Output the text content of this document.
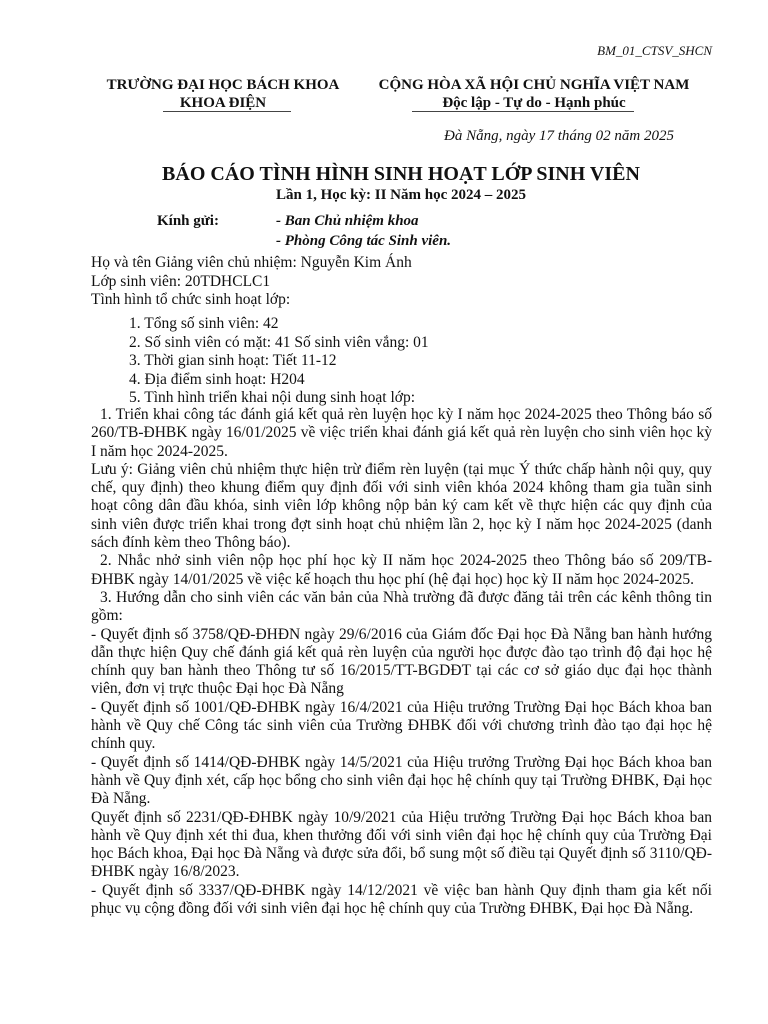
BM_01_CTSV_SHCN
TRƯỜNG ĐẠI HỌC BÁCH KHOA
KHOA ĐIỆN
CỘNG HÒA XÃ HỘI CHỦ NGHĨA VIỆT NAM
Độc lập - Tự do - Hạnh phúc
Đà Nẵng, ngày 17 tháng 02 năm 2025
BÁO CÁO TÌNH HÌNH SINH HOẠT LỚP SINH VIÊN
Lần 1, Học kỳ: II Năm học 2024 – 2025
Kính gửi:	- Ban Chủ nhiệm khoa
- Phòng Công tác Sinh viên.
Họ và tên Giảng viên chủ nhiệm: Nguyễn Kim Ánh
Lớp sinh viên: 20TDHCLC1
Tình hình tổ chức sinh hoạt lớp:
1. Tổng số sinh viên: 42
2. Số sinh viên có mặt: 41 Số sinh viên vắng: 01
3. Thời gian sinh hoạt: Tiết 11-12
4. Địa điểm sinh hoạt: H204
5. Tình hình triển khai nội dung sinh hoạt lớp:

1. Triển khai công tác đánh giá kết quả rèn luyện học kỳ I năm học 2024-2025 theo Thông báo số 260/TB-ĐHBK ngày 16/01/2025 về việc triển khai đánh giá kết quả rèn luyện cho sinh viên học kỳ I năm học 2024-2025.

Lưu ý: Giảng viên chủ nhiệm thực hiện trừ điểm rèn luyện (tại mục Ý thức chấp hành nội quy, quy chế, quy định) theo khung điểm quy định đối với sinh viên khóa 2024 không tham gia tuần sinh hoạt công dân đầu khóa, sinh viên lớp không nộp bản ký cam kết về thực hiện các quy định của sinh viên được triển khai trong đợt sinh hoạt chủ nhiệm lần 2, học kỳ I năm học 2024-2025 (danh sách đính kèm theo Thông báo).

2. Nhắc nhở sinh viên nộp học phí học kỳ II năm học 2024-2025 theo Thông báo số 209/TB-ĐHBK ngày 14/01/2025 về việc kế hoạch thu học phí (hệ đại học) học kỳ II năm học 2024-2025.

3. Hướng dẫn cho sinh viên các văn bản của Nhà trường đã được đăng tải trên các kênh thông tin gồm:

- Quyết định số 3758/QĐ-ĐHĐN ngày 29/6/2016 của Giám đốc Đại học Đà Nẵng ban hành hướng dẫn thực hiện Quy chế đánh giá kết quả rèn luyện của người học được đào tạo trình độ đại học hệ chính quy ban hành theo Thông tư số 16/2015/TT-BGDĐT tại các cơ sở giáo dục đại học thành viên, đơn vị trực thuộc Đại học Đà Nẵng

- Quyết định số 1001/QĐ-ĐHBK ngày 16/4/2021 của Hiệu trưởng Trường Đại học Bách khoa ban hành về Quy chế Công tác sinh viên của Trường ĐHBK đối với chương trình đào tạo đại học hệ chính quy.

- Quyết định số 1414/QĐ-ĐHBK ngày 14/5/2021 của Hiệu trưởng Trường Đại học Bách khoa ban hành về Quy định xét, cấp học bổng cho sinh viên đại học hệ chính quy tại Trường ĐHBK, Đại học Đà Nẵng.

Quyết định số 2231/QĐ-ĐHBK ngày 10/9/2021 của Hiệu trưởng Trường Đại học Bách khoa ban hành về Quy định xét thi đua, khen thưởng đối với sinh viên đại học hệ chính quy của Trường Đại học Bách khoa, Đại học Đà Nẵng và được sửa đổi, bổ sung một số điều tại Quyết định số 3110/QĐ-ĐHBK ngày 16/8/2023.

- Quyết định số 3337/QĐ-ĐHBK ngày 14/12/2021 về việc ban hành Quy định tham gia kết nối phục vụ cộng đồng đối với sinh viên đại học hệ chính quy của Trường ĐHBK, Đại học Đà Nẵng.
